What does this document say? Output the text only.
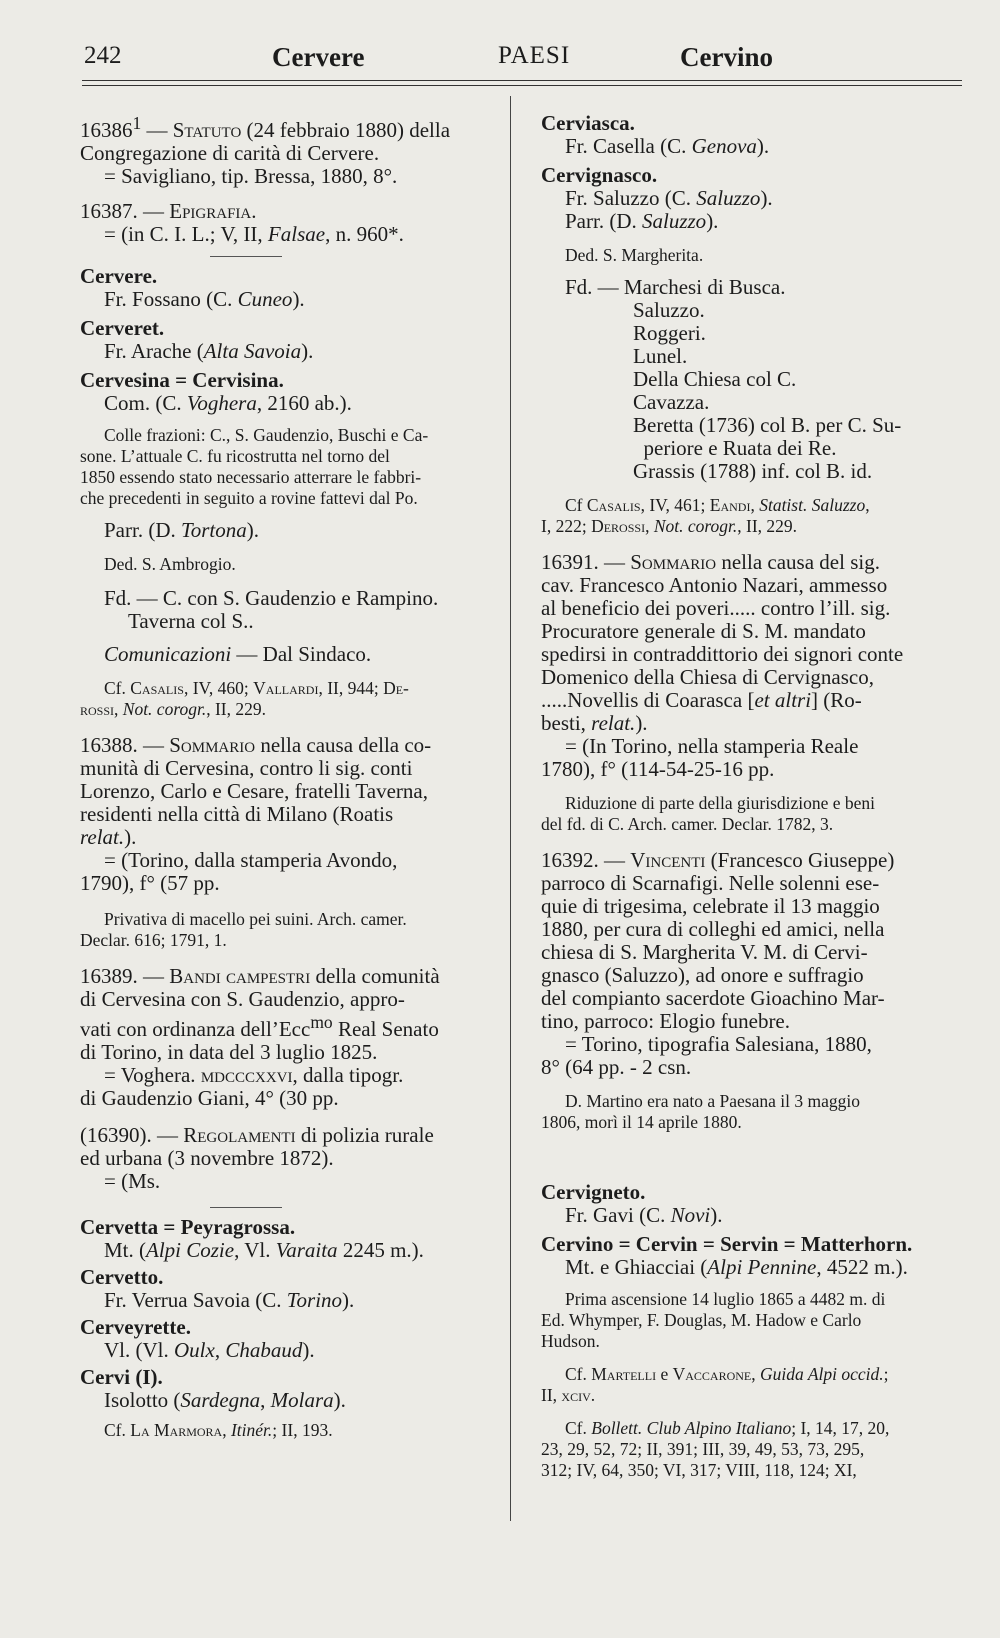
242	Cervere	PAESI	Cervino
16386$^1$ — Statuto (24 febbraio 1880) della
Congregazione di carità di Cervere.
= Savigliano, tip. Bressa, 1880, 8°.
16387. — Epigrafia.
= (in C. I. L.; V, II, Falsae, n. 960*.
Cervere.
Fr. Fossano (C. Cuneo).
Cerveret.
Fr. Arache (Alta Savoia).
Cervesina = Cervisina.
Com. (C. Voghera, 2160 ab.).
Colle frazioni: C., S. Gaudenzio, Buschi e Ca-
sone. L’attuale C. fu ricostrutta nel torno del
1850 essendo stato necessario atterrare le fabbri-
che precedenti in seguito a rovine fattevi dal Po.
Parr. (D. Tortona).
Ded. S. Ambrogio.
Fd. — C. con S. Gaudenzio e Rampino.
Taverna col S..
Comunicazioni — Dal Sindaco.
Cf. Casalis, IV, 460; Vallardi, II, 944; De-
rossi, Not. corogr., II, 229.
16388. — Sommario nella causa della co-
munità di Cervesina, contro li sig. conti
Lorenzo, Carlo e Cesare, fratelli Taverna,
residenti nella città di Milano (Roatis
relat.).
= (Torino, dalla stamperia Avondo,
1790), f° (57 pp.
Privativa di macello pei suini. Arch. camer.
Declar. 616; 1791, 1.
16389. — Bandi campestri della comunità
di Cervesina con S. Gaudenzio, appro-
vati con ordinanza dell’Ecc$^{mo}$ Real Senato
di Torino, in data del 3 luglio 1825.
= Voghera. mdcccxxvi, dalla tipogr.
di Gaudenzio Giani, 4° (30 pp.
(16390). — Regolamenti di polizia rurale
ed urbana (3 novembre 1872).
= (Ms.
Cervetta = Peyragrossa.
Mt. (Alpi Cozie, Vl. Varaita 2245 m.).
Cervetto.
Fr. Verrua Savoia (C. Torino).
Cerveyrette.
Vl. (Vl. Oulx, Chabaud).
Cervi (I).
Isolotto (Sardegna, Molara).
Cf. La Marmora, Itinér.; II, 193.
Cerviasca.
Fr. Casella (C. Genova).
Cervignasco.
Fr. Saluzzo (C. Saluzzo).
Parr. (D. Saluzzo).
Ded. S. Margherita.
Fd. — Marchesi di Busca.
Saluzzo.
Roggeri.
Lunel.
Della Chiesa col C.
Cavazza.
Beretta (1736) col B. per C. Su-
periore e Ruata dei Re.
Grassis (1788) inf. col B. id.
Cf Casalis, IV, 461; Eandi, Statist. Saluzzo,
I, 222; Derossi, Not. corogr., II, 229.
16391. — Sommario nella causa del sig.
cav. Francesco Antonio Nazari, ammesso
al beneficio dei poveri..... contro l’ill. sig.
Procuratore generale di S. M. mandato
spedirsi in contraddittorio dei signori conte
Domenico della Chiesa di Cervignasco,
.....Novellis di Coarasca [et altri] (Ro-
besti, relat.).
= (In Torino, nella stamperia Reale
1780), f° (114-54-25-16 pp.
Riduzione di parte della giurisdizione e beni
del fd. di C. Arch. camer. Declar. 1782, 3.
16392. — Vincenti (Francesco Giuseppe)
parroco di Scarnafigi. Nelle solenni ese-
quie di trigesima, celebrate il 13 maggio
1880, per cura di colleghi ed amici, nella
chiesa di S. Margherita V. M. di Cervi-
gnasco (Saluzzo), ad onore e suffragio
del compianto sacerdote Gioachino Mar-
tino, parroco: Elogio funebre.
= Torino, tipografia Salesiana, 1880,
8° (64 pp. - 2 csn.
D. Martino era nato a Paesana il 3 maggio
1806, morì il 14 aprile 1880.
Cervigneto.
Fr. Gavi (C. Novi).
Cervino = Cervin = Servin = Matterhorn.
Mt. e Ghiacciai (Alpi Pennine, 4522 m.).
Prima ascensione 14 luglio 1865 a 4482 m. di
Ed. Whymper, F. Douglas, M. Hadow e Carlo
Hudson.
Cf. Martelli e Vaccarone, Guida Alpi occid.;
II, xciv.
Cf. Bollett. Club Alpino Italiano; I, 14, 17, 20,
23, 29, 52, 72; II, 391; III, 39, 49, 53, 73, 295,
312; IV, 64, 350; VI, 317; VIII, 118, 124; XI,
